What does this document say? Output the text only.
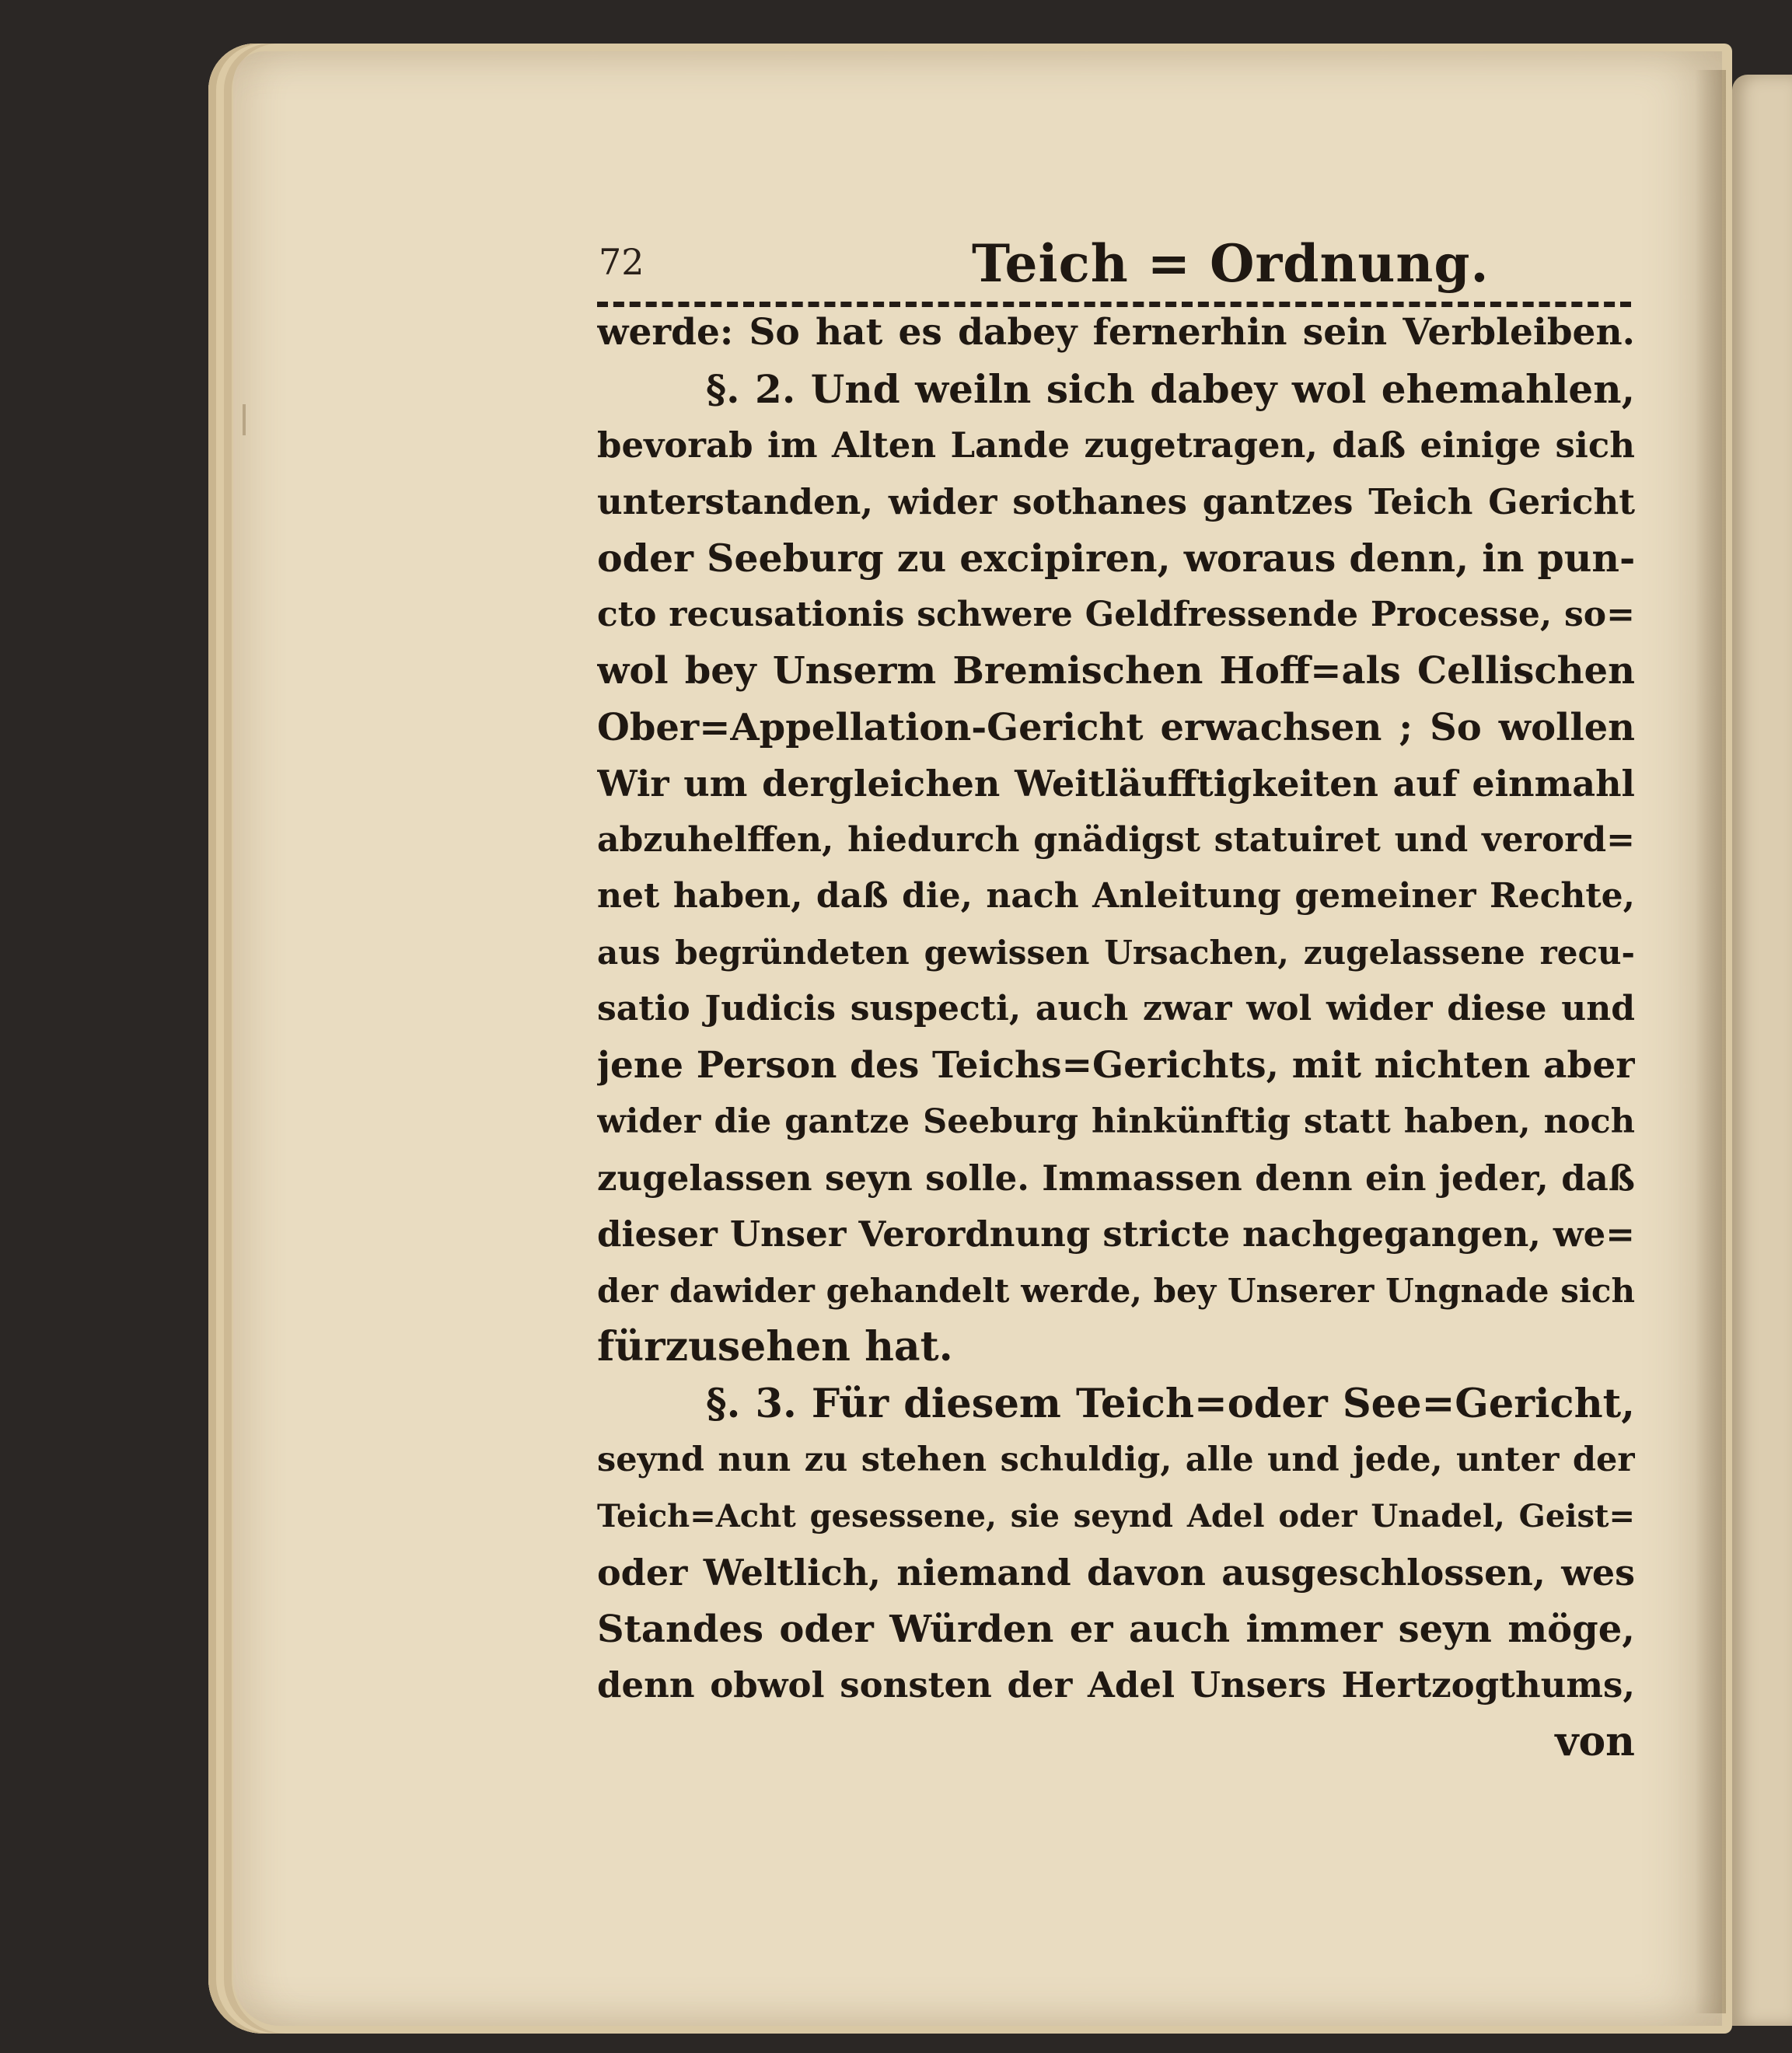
72	Teich = Ordnung.
werde: So hat es dabey fernerhin sein Verbleiben.
§. 2. Und weiln sich dabey wol ehemahlen,
bevorab im Alten Lande zugetragen, daß einige sich
unterstanden, wider sothanes gantzes Teich Gericht
oder Seeburg zu excipiren, woraus denn, in pun-
cto recusationis schwere Geldfressende Processe, so=
wol bey Unserm Bremischen Hoff=als Cellischen
Ober=Appellation-Gericht erwachsen ; So wollen
Wir um dergleichen Weitläufftigkeiten auf einmahl
abzuhelffen, hiedurch gnädigst statuiret und verord=
net haben, daß die, nach Anleitung gemeiner Rechte,
aus begründeten gewissen Ursachen, zugelassene recu-
satio Judicis suspecti, auch zwar wol wider diese und
jene Person des Teichs=Gerichts, mit nichten aber
wider die gantze Seeburg hinkünftig statt haben, noch
zugelassen seyn solle. Immassen denn ein jeder, daß
dieser Unser Verordnung stricte nachgegangen, we=
der dawider gehandelt werde, bey Unserer Ungnade sich
fürzusehen hat.
§. 3. Für diesem Teich=oder See=Gericht,
seynd nun zu stehen schuldig, alle und jede, unter der
Teich=Acht gesessene, sie seynd Adel oder Unadel, Geist=
oder Weltlich, niemand davon ausgeschlossen, wes
Standes oder Würden er auch immer seyn möge,
denn obwol sonsten der Adel Unsers Hertzogthums,
von
